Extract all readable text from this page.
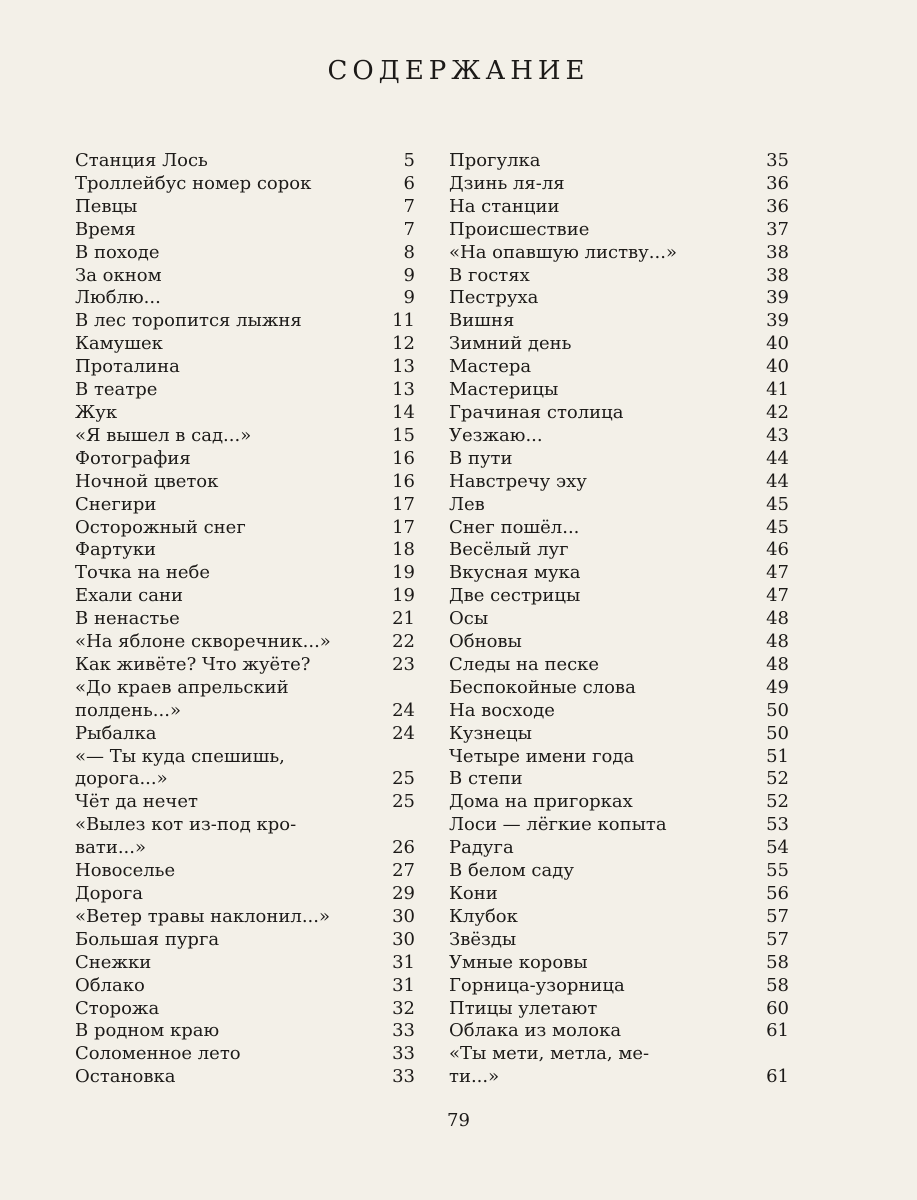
СОДЕРЖАНИЕ
Станция Лось	5
Троллейбус номер сорок	6
Певцы	7
Время	7
В походе	8
За окном	9
Люблю...	9
В лес торопится лыжня	11
Камушек	12
Проталина	13
В театре	13
Жук	14
«Я вышел в сад...»	15
Фотография	16
Ночной цветок	16
Снегири	17
Осторожный снег	17
Фартуки	18
Точка на небе	19
Ехали сани	19
В ненастье	21
«На яблоне скворечник...»	22
Как живёте? Что жуёте?	23
«До краев апрельский
полдень...»	24
Рыбалка	24
«— Ты куда спешишь,
дорога...»	25
Чёт да нечет	25
«Вылез кот из-под кро-
вати...»	26
Новоселье	27
Дорога	29
«Ветер травы наклонил...»	30
Большая пурга	30
Снежки	31
Облако	31
Сторожа	32
В родном краю	33
Соломенное лето	33
Остановка	33
Прогулка	35
Дзинь ля-ля	36
На станции	36
Происшествие	37
«На опавшую листву...»	38
В гостях	38
Пеструха	39
Вишня	39
Зимний день	40
Мастера	40
Мастерицы	41
Грачиная столица	42
Уезжаю...	43
В пути	44
Навстречу эху	44
Лев	45
Снег пошёл...	45
Весёлый луг	46
Вкусная мука	47
Две сестрицы	47
Осы	48
Обновы	48
Следы на песке	48
Беспокойные слова	49
На восходе	50
Кузнецы	50
Четыре имени года	51
В степи	52
Дома на пригорках	52
Лоси — лёгкие копыта	53
Радуга	54
В белом саду	55
Кони	56
Клубок	57
Звёзды	57
Умные коровы	58
Горница-узорница	58
Птицы улетают	60
Облака из молока	61
«Ты мети, метла, ме-
ти...»	61
79
